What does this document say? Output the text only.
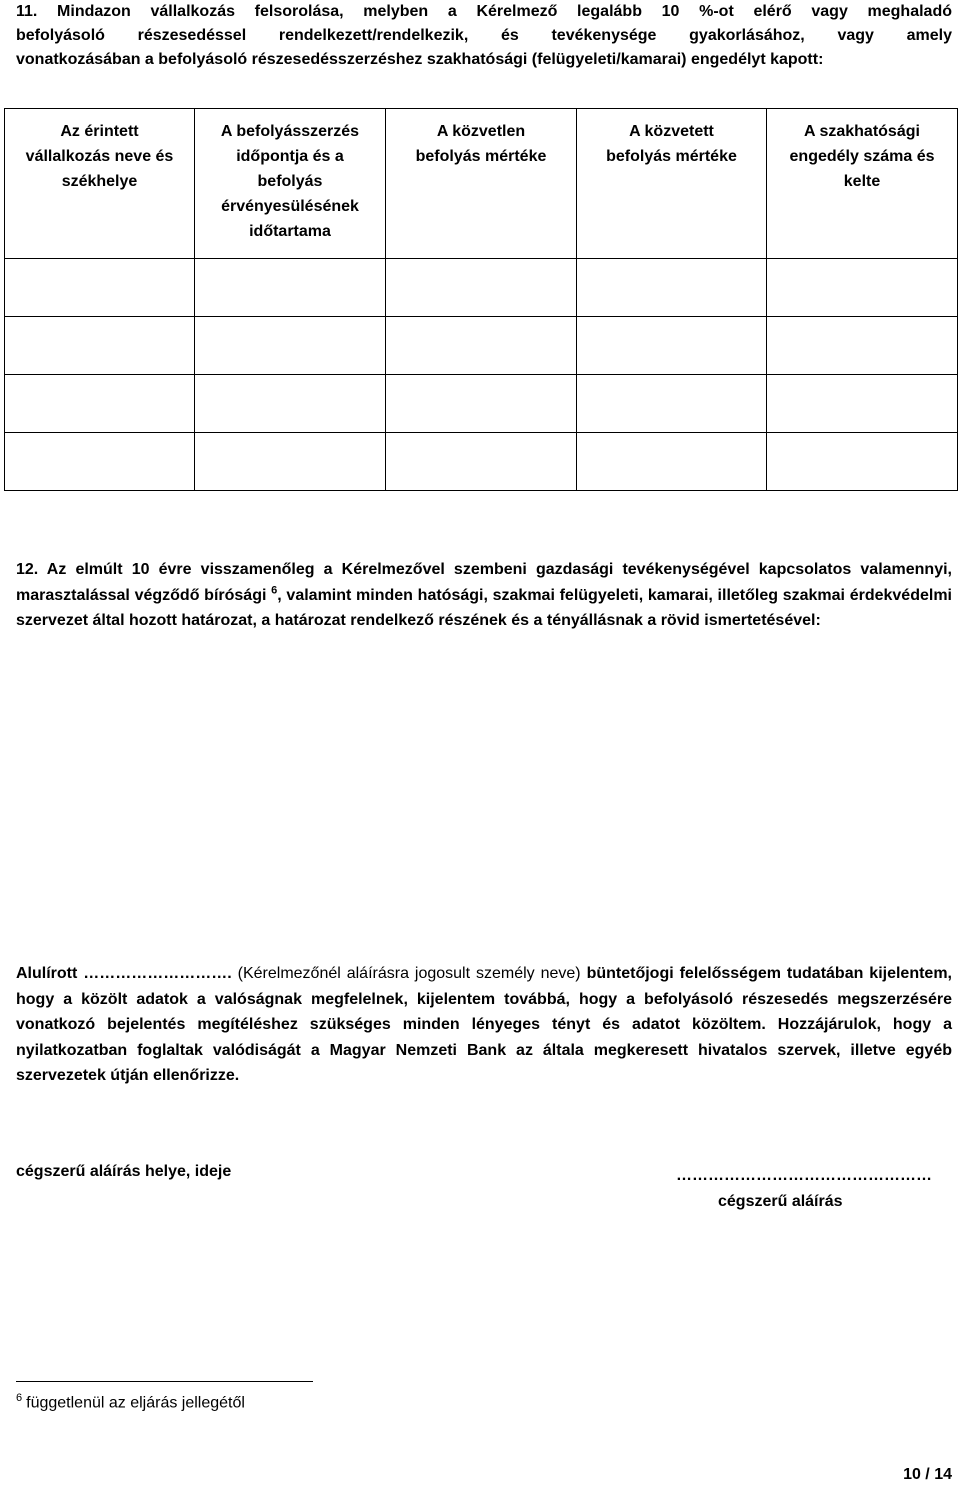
11. Mindazon vállalkozás felsorolása, melyben a Kérelmező legalább 10 %-ot elérő vagy meghaladó
befolyásoló részesedéssel rendelkezett/rendelkezik, és tevékenysége gyakorlásához, vagy amely
vonatkozásában a befolyásoló részesedésszerzéshez szakhatósági (felügyeleti/kamarai) engedélyt kapott:
Az érintett vállalkozás neve és székhelye	A befolyásszerzés időpontja és a befolyás érvényesülésének időtartama	A közvetlen befolyás mértéke	A közvetett befolyás mértéke	A szakhatósági engedély száma és kelte

12. Az elmúlt 10 évre visszamenőleg a Kérelmezővel szembeni gazdasági tevékenységével kapcsolatos valamennyi, marasztalással végződő bírósági $^6$, valamint minden hatósági, szakmai felügyeleti, kamarai, illetőleg szakmai érdekvédelmi szervezet által hozott határozat, a határozat rendelkező részének és a tényállásnak a rövid ismertetésével:
Alulírott ………………………. (Kérelmezőnél aláírásra jogosult személy neve) büntetőjogi felelősségem tudatában kijelentem, hogy a közölt adatok a valóságnak megfelelnek, kijelentem továbbá, hogy a befolyásoló részesedés megszerzésére vonatkozó bejelentés megítéléshez szükséges minden lényeges tényt és adatot közöltem. Hozzájárulok, hogy a nyilatkozatban foglaltak valódiságát a Magyar Nemzeti Bank az általa megkeresett hivatalos szervek, illetve egyéb szervezetek útján ellenőrizze.
cégszerű aláírás helye, ideje	…………………………………………
cégszerű aláírás
$^6$ függetlenül az eljárás jellegétől
10 / 14
